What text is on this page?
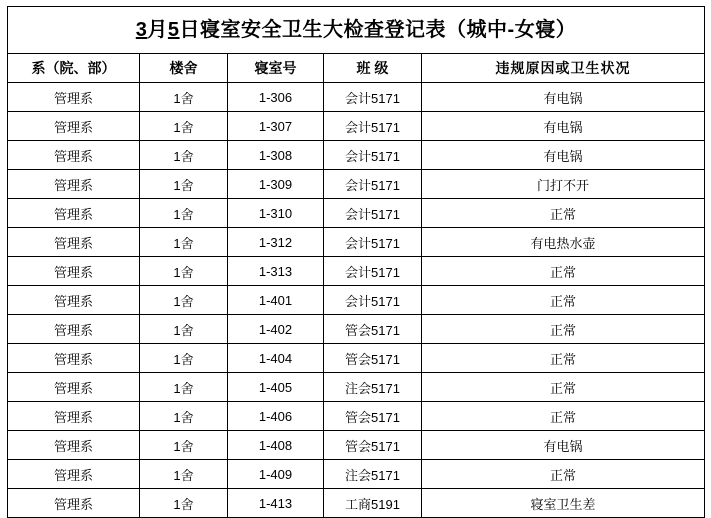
3月5日寝室安全卫生大检查登记表（城中-女寝）				
系（院、部）	楼舍	寝室号	班 级	违规原因或卫生状况
管理系	1舍	1-306	会计5171	有电锅
管理系	1舍	1-307	会计5171	有电锅
管理系	1舍	1-308	会计5171	有电锅
管理系	1舍	1-309	会计5171	门打不开
管理系	1舍	1-310	会计5171	正常
管理系	1舍	1-312	会计5171	有电热水壶
管理系	1舍	1-313	会计5171	正常
管理系	1舍	1-401	会计5171	正常
管理系	1舍	1-402	管会5171	正常
管理系	1舍	1-404	管会5171	正常
管理系	1舍	1-405	注会5171	正常
管理系	1舍	1-406	管会5171	正常
管理系	1舍	1-408	管会5171	有电锅
管理系	1舍	1-409	注会5171	正常
管理系	1舍	1-413	工商5191	寝室卫生差
